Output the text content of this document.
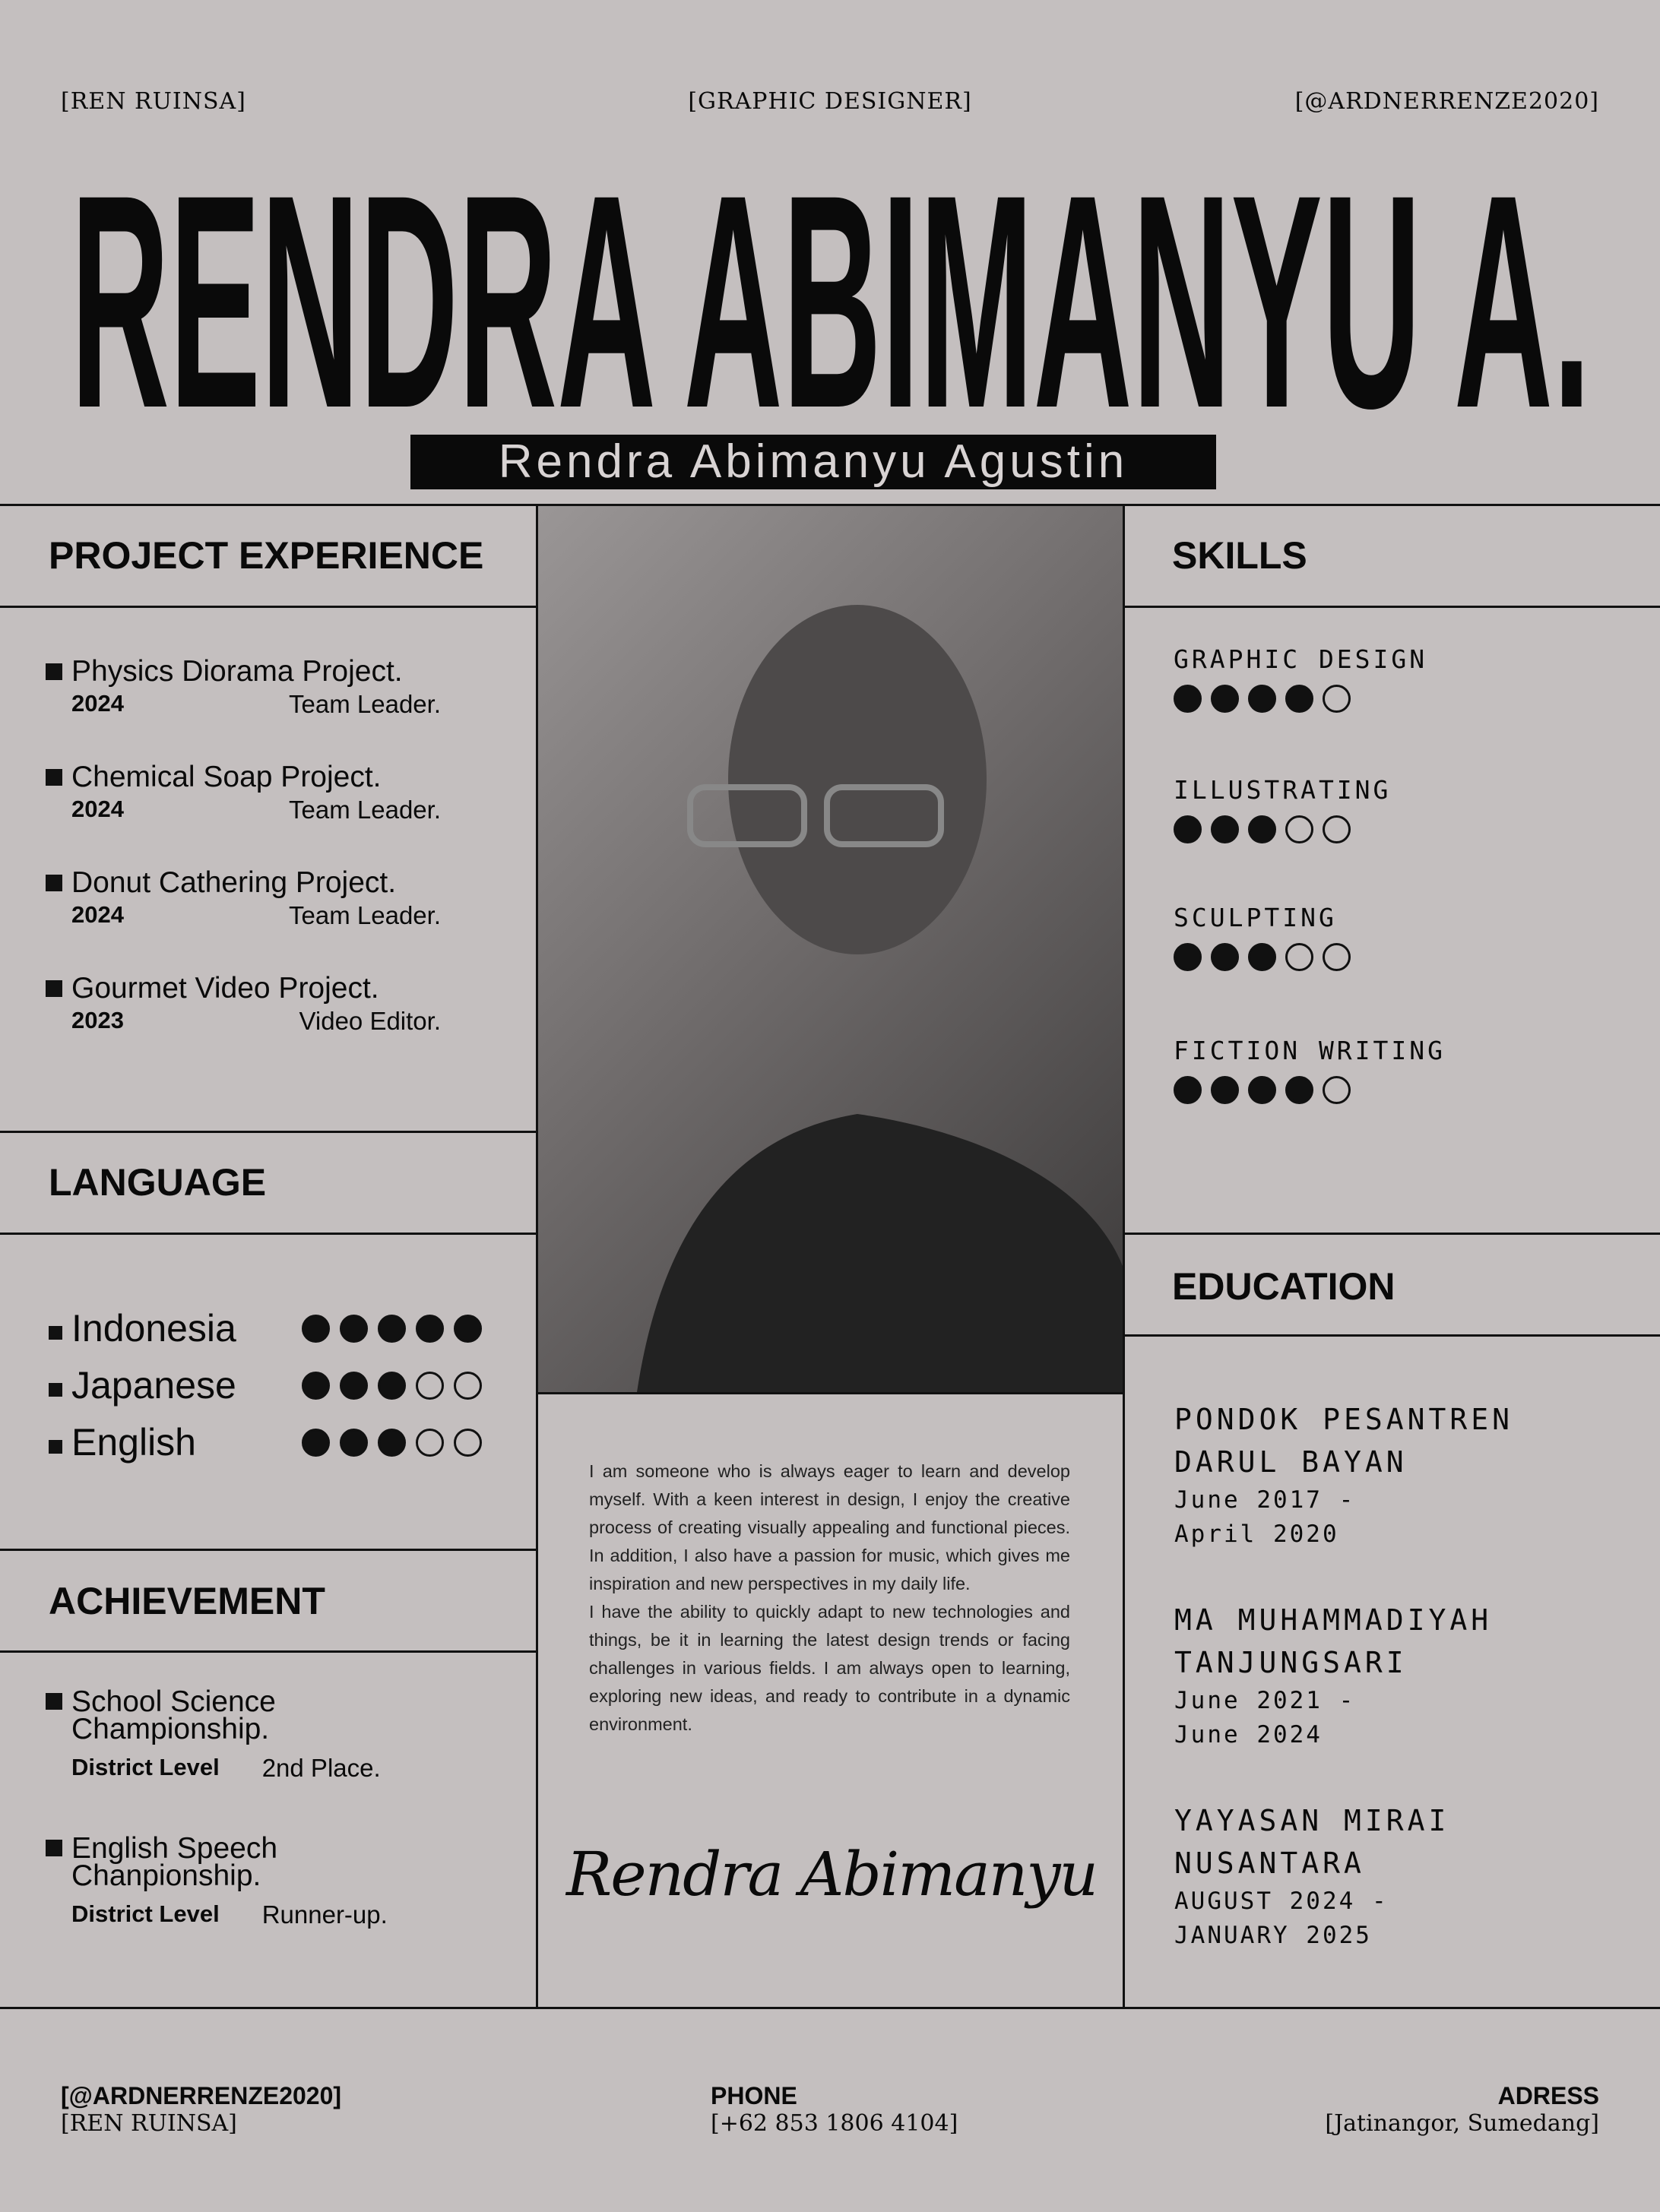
[REN RUINSA]	[GRAPHIC DESIGNER]	[@ARDNERRENZE2020]
RENDRA ABIMANYU A.
Rendra Abimanyu Agustin
PROJECT EXPERIENCE
Physics Diorama Project.
2024	Team Leader.
Chemical Soap Project.
2024	Team Leader.
Donut Cathering Project.
2024	Team Leader.
Gourmet Video Project.
2023	Video Editor.
LANGUAGE
Indonesia
Japanese
English
ACHIEVEMENT
School Science
Championship.
District Level 2nd Place.
English Speech
Chanpionship.
District Level Runner-up.

I am someone who is always eager to learn and develop myself. With a keen interest in design, I enjoy the creative process of creating visually appealing and functional pieces. In addition, I also have a passion for music, which gives me inspiration and new perspectives in my daily life.

I have the ability to quickly adapt to new technologies and things, be it in learning the latest design trends or facing challenges in various fields. I am always open to learning, exploring new ideas, and ready to contribute in a dynamic environment.

Rendra Abimanyu
SKILLS
GRAPHIC DESIGN
ILLUSTRATING
SCULPTING
FICTION WRITING
EDUCATION
PONDOK PESANTREN
DARUL BAYAN
June 2017 -
April 2020
MA MUHAMMADIYAH
TANJUNGSARI
June 2021 -
June 2024
YAYASAN MIRAI
NUSANTARA
AUGUST 2024 -
JANUARY 2025
[@ARDNERRENZE2020]
[REN RUINSA]
PHONE
[+62 853 1806 4104]
ADRESS
[Jatinangor, Sumedang]
